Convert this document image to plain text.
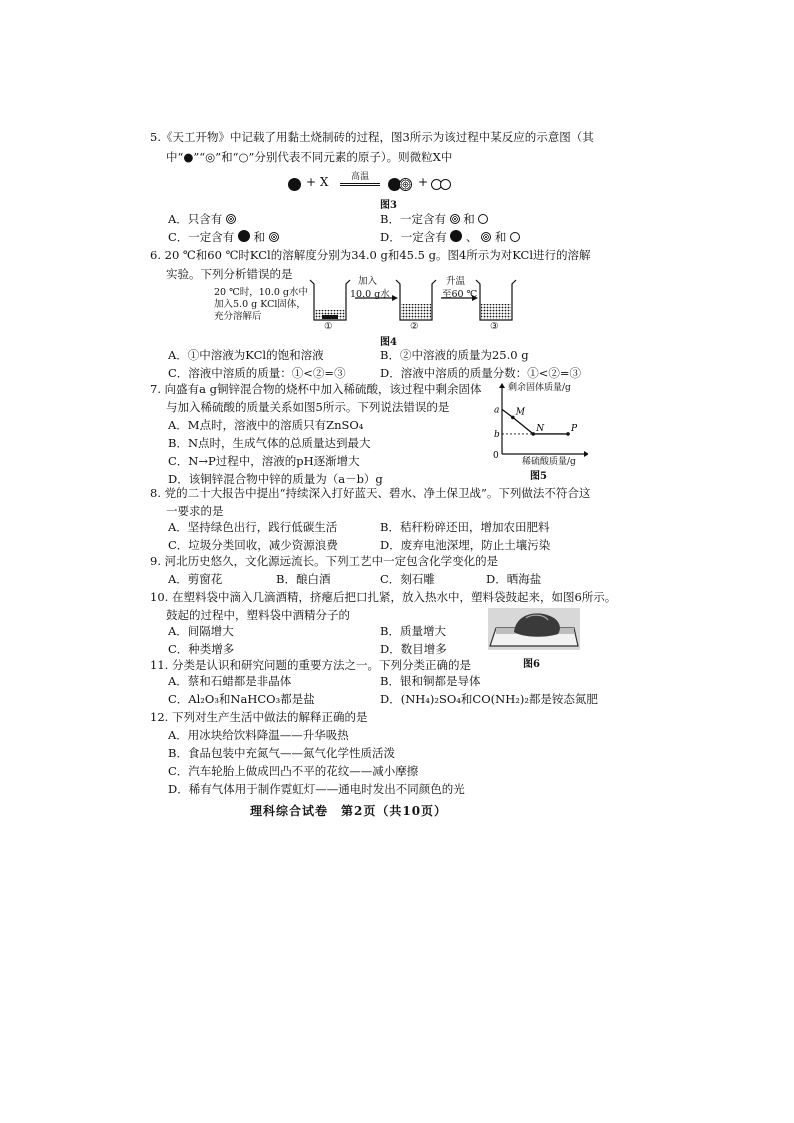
5.《天工开物》中记载了用黏土烧制砖的过程，图3所示为该过程中某反应的示意图（其
中“●”“◎”和“○”分别代表不同元素的原子）。则微粒X中
+ X	高温	+
图3
A．只含有	B．一定含有 和
C．一定含有 和	D．一定含有 、 和
6. 20 ℃和60 ℃时KCl的溶解度分别为34.0 g和45.5 g。图4所示为对KCl进行的溶解
实验。下列分析错误的是
20 ℃时，10.0 g水中
加入5.0 g KCl固体，
充分溶解后
加入
10.0 g水
升温
至60 ℃
①	②	③
图4
A．①中溶液为KCl的饱和溶液	B．②中溶液的质量为25.0 g
C．溶液中溶质的质量：①<②=③	D．溶液中溶质的质量分数：①<②=③
7. 向盛有a g铜锌混合物的烧杯中加入稀硫酸，该过程中剩余固体
与加入稀硫酸的质量关系如图5所示。下列说法错误的是
A．M点时，溶液中的溶质只有ZnSO₄
B．N点时，生成气体的总质量达到最大
C．N→P过程中，溶液的pH逐渐增大
D．该铜锌混合物中锌的质量为（a－b）g
a
b
0
M
N	P
剩余固体质量/g
稀硫酸质量/g
图5
8. 党的二十大报告中提出“持续深入打好蓝天、碧水、净土保卫战”。下列做法不符合这
一要求的是
A．坚持绿色出行，践行低碳生活	B．秸秆粉碎还田，增加农田肥料
C．垃圾分类回收，减少资源浪费	D．废弃电池深埋，防止土壤污染
9. 河北历史悠久，文化源远流长。下列工艺中一定包含化学变化的是
A．剪窗花	B．酿白酒	C．刻石雕	D．晒海盐
10. 在塑料袋中滴入几滴酒精，挤瘪后把口扎紧，放入热水中，塑料袋鼓起来，如图6所示。
鼓起的过程中，塑料袋中酒精分子的
A．间隔增大	B．质量增大
C．种类增多	D．数目增多
图6
11. 分类是认识和研究问题的重要方法之一。下列分类正确的是
A．蔡和石蜡都是非晶体	B．银和铜都是导体
C．Al₂O₃和NaHCO₃都是盐	D．(NH₄)₂SO₄和CO(NH₂)₂都是铵态氮肥
12. 下列对生产生活中做法的解释正确的是
A．用冰块给饮料降温——升华吸热
B．食品包装中充氮气——氮气化学性质活泼
C．汽车轮胎上做成凹凸不平的花纹——减小摩擦
D．稀有气体用于制作霓虹灯——通电时发出不同颜色的光
理科综合试卷　第2页（共10页）
